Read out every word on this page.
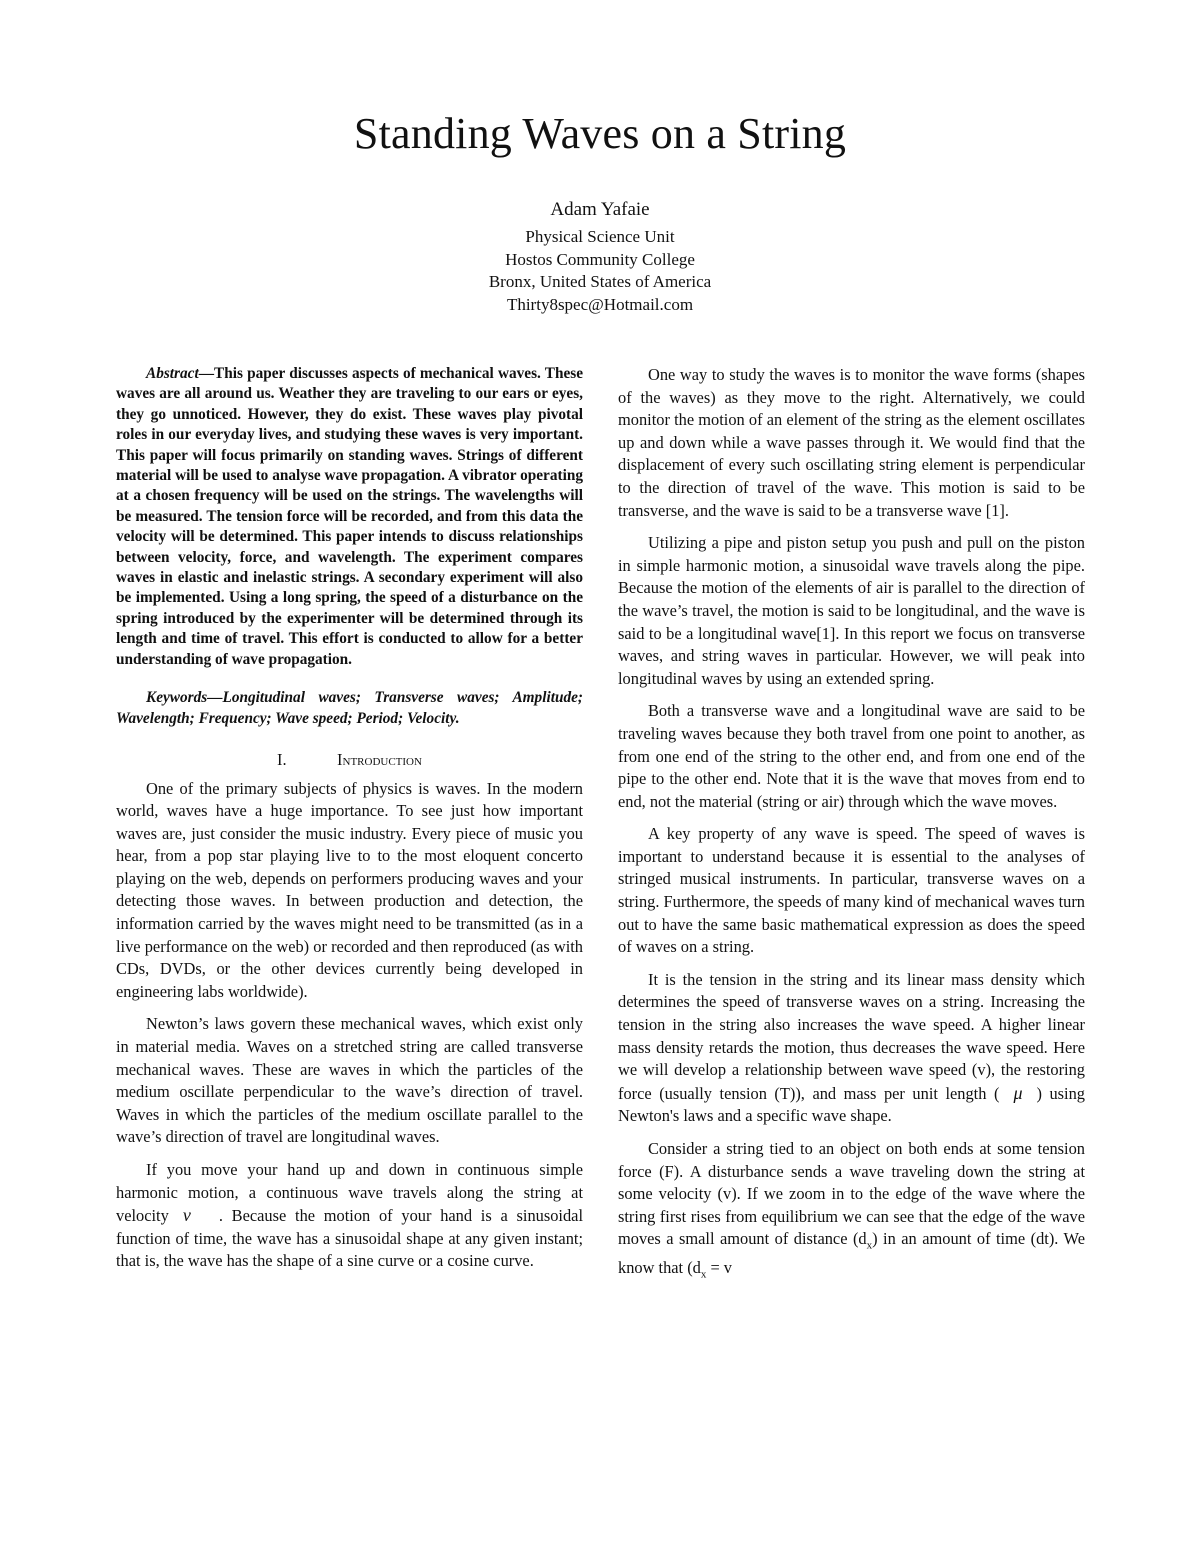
Standing Waves on a String
Adam Yafaie
Physical Science Unit
Hostos Community College
Bronx, United States of America
Thirty8spec@Hotmail.com

Abstract—This paper discusses aspects of mechanical waves. These waves are all around us. Weather they are traveling to our ears or eyes, they go unnoticed. However, they do exist. These waves play pivotal roles in our everyday lives, and studying these waves is very important. This paper will focus primarily on standing waves. Strings of different material will be used to analyse wave propagation. A vibrator operating at a chosen frequency will be used on the strings. The wavelengths will be measured. The tension force will be recorded, and from this data the velocity will be determined. This paper intends to discuss relationships between velocity, force, and wavelength. The experiment compares waves in elastic and inelastic strings. A secondary experiment will also be implemented. Using a long spring, the speed of a disturbance on the spring introduced by the experimenter will be determined through its length and time of travel. This effort is conducted to allow for a better understanding of wave propagation.

Keywords—Longitudinal waves; Transverse waves; Amplitude; Wavelength; Frequency; Wave speed; Period; Velocity.

I.	Introduction

One of the primary subjects of physics is waves. In the modern world, waves have a huge importance. To see just how important waves are, just consider the music industry. Every piece of music you hear, from a pop star playing live to to the most eloquent concerto playing on the web, depends on performers producing waves and your detecting those waves. In between production and detection, the information carried by the waves might need to be transmitted (as in a live performance on the web) or recorded and then reproduced (as with CDs, DVDs, or the other devices currently being developed in engineering labs worldwide).

Newton’s laws govern these mechanical waves, which exist only in material media. Waves on a stretched string are called transverse mechanical waves. These are waves in which the particles of the medium oscillate perpendicular to the wave’s direction of travel. Waves in which the particles of the medium oscillate parallel to the wave’s direction of travel are longitudinal waves.

If you move your hand up and down in continuous simple harmonic motion, a continuous wave travels along the string at velocity v⃗ . Because the motion of your hand is a sinusoidal function of time, the wave has a sinusoidal shape at any given instant; that is, the wave has the shape of a sine curve or a cosine curve.

One way to study the waves is to monitor the wave forms (shapes of the waves) as they move to the right. Alternatively, we could monitor the motion of an element of the string as the element oscillates up and down while a wave passes through it. We would find that the displacement of every such oscillating string element is perpendicular to the direction of travel of the wave. This motion is said to be transverse, and the wave is said to be a transverse wave [1].

Utilizing a pipe and piston setup you push and pull on the piston in simple harmonic motion, a sinusoidal wave travels along the pipe. Because the motion of the elements of air is parallel to the direction of the wave’s travel, the motion is said to be longitudinal, and the wave is said to be a longitudinal wave[1]. In this report we focus on transverse waves, and string waves in particular. However, we will peak into longitudinal waves by using an extended spring.

Both a transverse wave and a longitudinal wave are said to be traveling waves because they both travel from one point to another, as from one end of the string to the other end, and from one end of the pipe to the other end. Note that it is the wave that moves from end to end, not the material (string or air) through which the wave moves.

A key property of any wave is speed. The speed of waves is important to understand because it is essential to the analyses of stringed musical instruments. In particular, transverse waves on a string. Furthermore, the speeds of many kind of mechanical waves turn out to have the same basic mathematical expression as does the speed of waves on a string.

It is the tension in the string and its linear mass density which determines the speed of transverse waves on a string. Increasing the tension in the string also increases the wave speed. A higher linear mass density retards the motion, thus decreases the wave speed. Here we will develop a relationship between wave speed (v), the restoring force (usually tension (T)), and mass per unit length ( μ ) using Newton's laws and a specific wave shape.

Consider a string tied to an object on both ends at some tension force (F). A disturbance sends a wave traveling down the string at some velocity (v). If we zoom in to the edge of the wave where the string first rises from equilibrium we can see that the edge of the wave moves a small amount of distance $(d_x)$ in an amount of time (dt). We know that ($d_x = v$
